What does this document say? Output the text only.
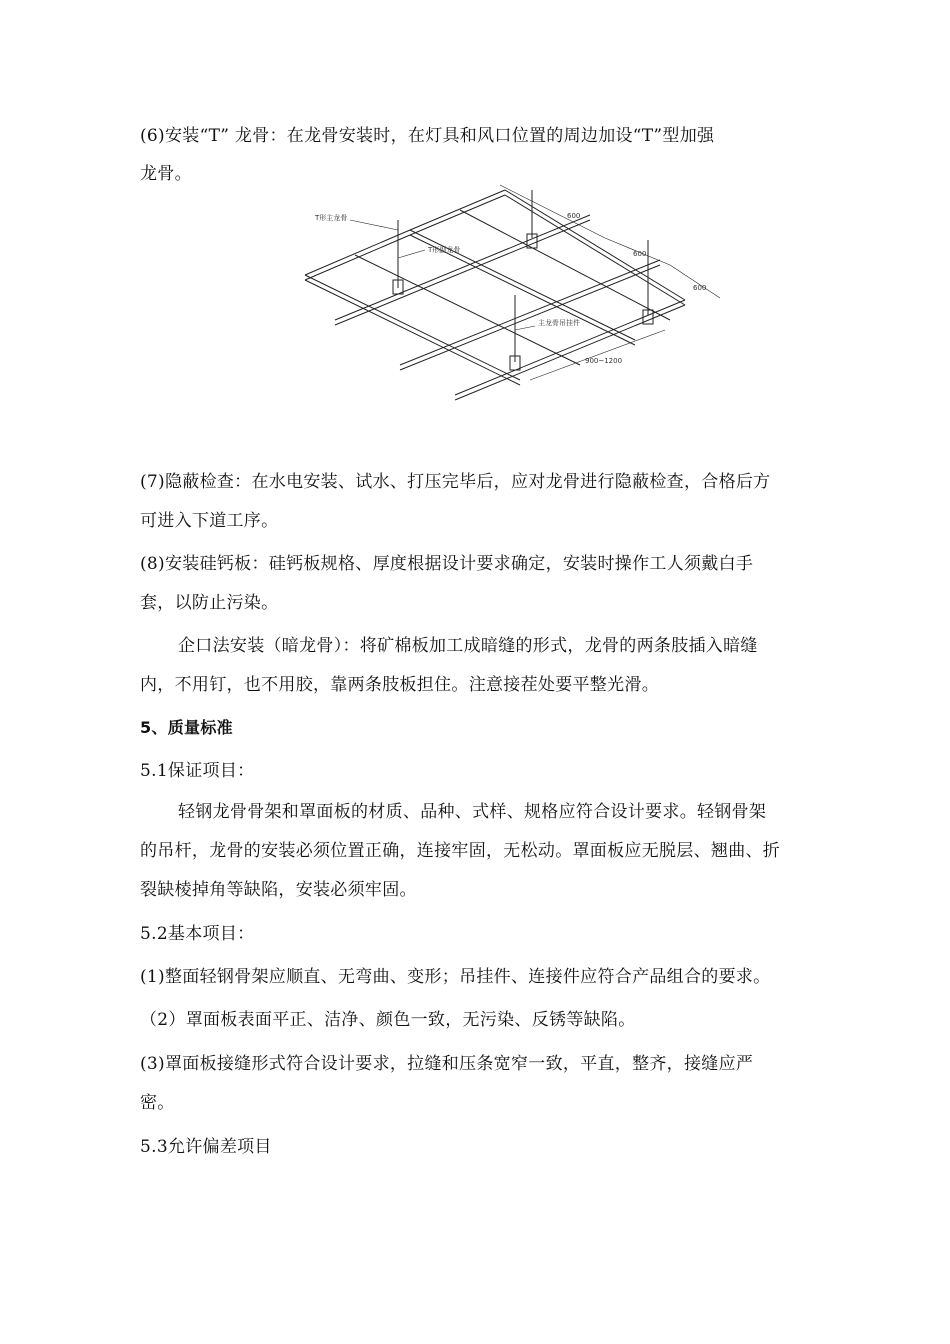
(6)安装“T” 龙骨：在龙骨安装时，在灯具和风口位置的周边加设“T”型加强
龙骨。
T形主龙骨
T形副龙骨
主龙骨吊挂件
600
600
600
900~1200
(7)隐蔽检查：在水电安装、试水、打压完毕后，应对龙骨进行隐蔽检查，合格后方
可进入下道工序。
(8)安装硅钙板：硅钙板规格、厚度根据设计要求确定，安装时操作工人须戴白手
套，以防止污染。
企口法安装（暗龙骨）：将矿棉板加工成暗缝的形式，龙骨的两条肢插入暗缝
内，不用钉，也不用胶，靠两条肢板担住。注意接茬处要平整光滑。
5、质量标准
5.1保证项目：
轻钢龙骨骨架和罩面板的材质、品种、式样、规格应符合设计要求。轻钢骨架
的吊杆，龙骨的安装必须位置正确，连接牢固，无松动。罩面板应无脱层、翘曲、折
裂缺棱掉角等缺陷，安装必须牢固。
5.2基本项目：
(1)整面轻钢骨架应顺直、无弯曲、变形；吊挂件、连接件应符合产品组合的要求。
（2）罩面板表面平正、洁净、颜色一致，无污染、反锈等缺陷。
(3)罩面板接缝形式符合设计要求，拉缝和压条宽窄一致，平直，整齐，接缝应严
密。
5.3允许偏差项目
